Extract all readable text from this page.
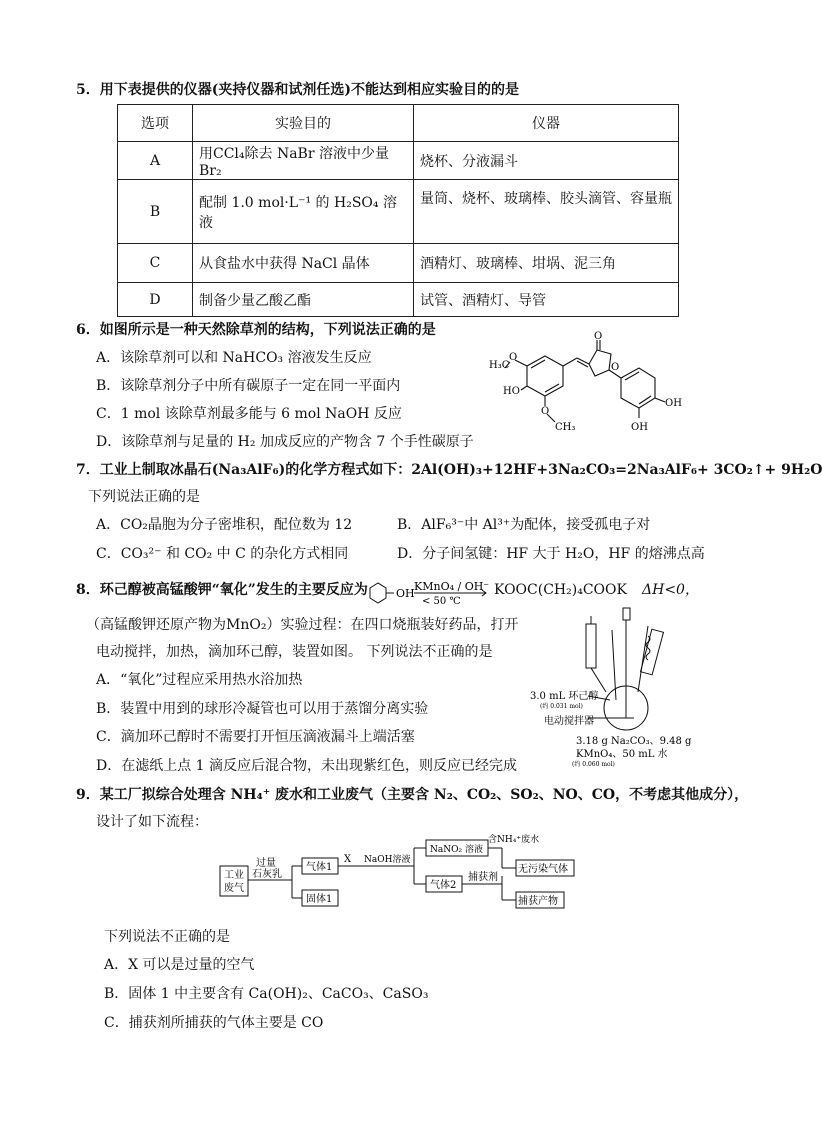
5．用下表提供的仪器(夹持仪器和试剂任选)不能达到相应实验目的的是
选项	实验目的	仪器
A	用CCl₄除去 NaBr 溶液中少量 Br₂	烧杯、分液漏斗
B	配制 1.0 mol·L⁻¹ 的 H₂SO₄ 溶液	量筒、烧杯、玻璃棒、胶头滴管、容量瓶
C	从食盐水中获得 NaCl 晶体	酒精灯、玻璃棒、坩埚、泥三角
D	制备少量乙酸乙酯	试管、酒精灯、导管
6．如图所示是一种天然除草剂的结构，下列说法正确的是
A．该除草剂可以和 NaHCO₃ 溶液发生反应
B．该除草剂分子中所有碳原子一定在同一平面内
C．1 mol 该除草剂最多能与 6 mol NaOH 反应
D．该除草剂与足量的 H₂ 加成反应的产物含 7 个手性碳原子
H₃C
O
HO
O
CH₃
O
O
OH
OH
7．工业上制取冰晶石(Na₃AlF₆)的化学方程式如下：2Al(OH)₃+12HF+3Na₂CO₃=2Na₃AlF₆+ 3CO₂↑+ 9H₂O
下列说法正确的是
A．CO₂晶胞为分子密堆积，配位数为 12	B．AlF₆³⁻中 Al³⁺为配体，接受孤电子对
C．CO₃²⁻ 和 CO₂ 中 C 的杂化方式相同	D．分子间氢键：HF 大于 H₂O，HF 的熔沸点高
8．环己醇被高锰酸钾“氧化”发生的主要反应为	OH
KMnO₄ / OH⁻
< 50 ℃
KOOC(CH₂)₄COOK ΔH<0，
（高锰酸钾还原产物为MnO₂）实验过程：在四口烧瓶装好药品，打开
电动搅拌，加热，滴加环己醇，装置如图。 下列说法不正确的是
A．“氧化”过程应采用热水浴加热
B．装置中用到的球形冷凝管也可以用于蒸馏分离实验
C．滴加环己醇时不需要打开恒压滴液漏斗上端活塞
D．在滤纸上点 1 滴反应后混合物，未出现紫红色，则反应已经完成
3.0 mL 环己醇
(约 0.031 mol)
电动搅拌器
3.18 g Na₂CO₃、9.48 g
KMnO₄、50 mL 水
(约 0.060 mol)
9．某工厂拟综合处理含 NH₄⁺ 废水和工业废气（主要含 N₂、CO₂、SO₂、NO、CO，不考虑其他成分），
设计了如下流程：
工业
废气
过量
石灰乳
气体1
固体1
X NaOH溶液
NaNO₂ 溶液
含NH₄⁺废水
无污染气体
气体2
捕获剂
捕获产物
下列说法不正确的是
A．X 可以是过量的空气
B．固体 1 中主要含有 Ca(OH)₂、CaCO₃、CaSO₃
C．捕获剂所捕获的气体主要是 CO
